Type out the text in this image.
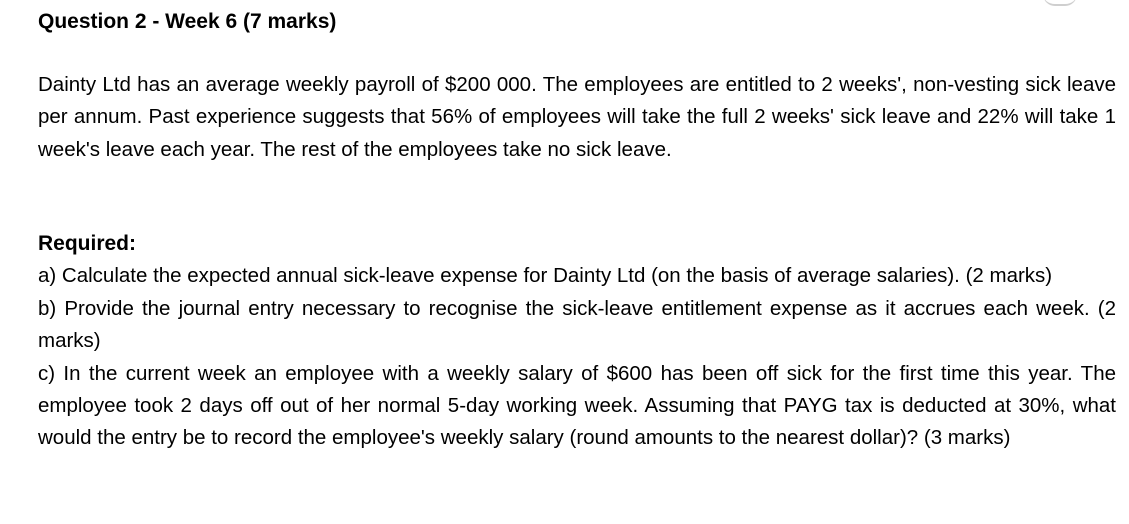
Question 2 - Week 6 (7 marks)

Dainty Ltd has an average weekly payroll of $200 000. The employees are entitled to 2 weeks', non-vesting sick leave per annum. Past experience suggests that 56% of employees will take the full 2 weeks' sick leave and 22% will take 1 week's leave each year. The rest of the employees take no sick leave.

Required:

a) Calculate the expected annual sick-leave expense for Dainty Ltd (on the basis of average salaries). (2 marks)

b) Provide the journal entry necessary to recognise the sick-leave entitlement expense as it accrues each week. (2 marks)

c) In the current week an employee with a weekly salary of $600 has been off sick for the first time this year. The employee took 2 days off out of her normal 5-day working week. Assuming that PAYG tax is deducted at 30%, what would the entry be to record the employee's weekly salary (round amounts to the nearest dollar)? (3 marks)
